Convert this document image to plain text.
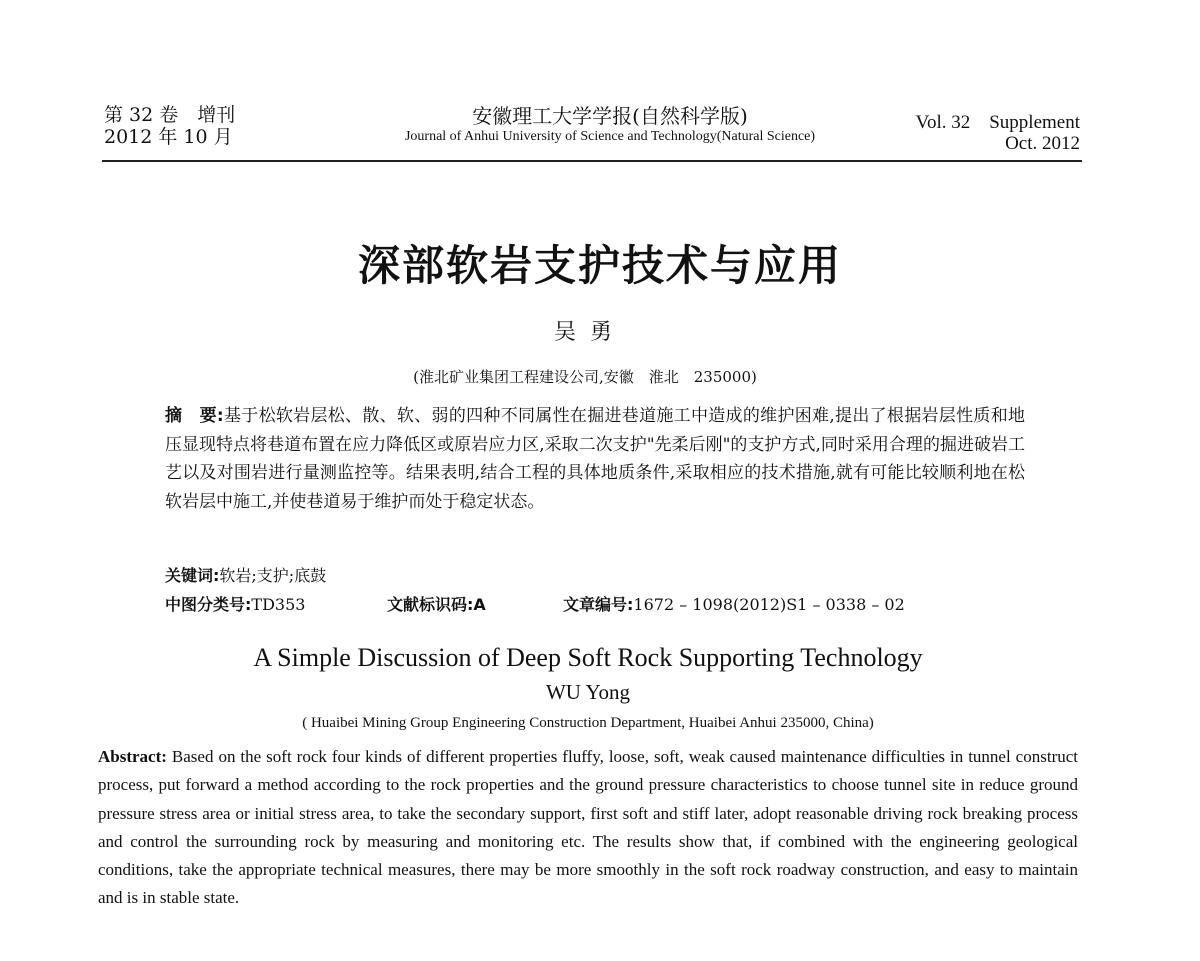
第 32 卷　增刊
2012 年 10 月
安徽理工大学学报(自然科学版)
Journal of Anhui University of Science and Technology(Natural Science)
Vol. 32　Supplement
Oct. 2012
深部软岩支护技术与应用
吴勇
(淮北矿业集团工程建设公司,安徽　淮北　235000)
摘　要:基于松软岩层松、散、软、弱的四种不同属性在掘进巷道施工中造成的维护困难,提出了根据岩层性质和地压显现特点将巷道布置在应力降低区或原岩应力区,采取二次支护"先柔后刚"的支护方式,同时采用合理的掘进破岩工艺以及对围岩进行量测监控等。结果表明,结合工程的具体地质条件,采取相应的技术措施,就有可能比较顺利地在松软岩层中施工,并使巷道易于维护而处于稳定状态。
关键词:软岩;支护;底鼓
中图分类号:TD353	文献标识码:A	文章编号:1672 – 1098(2012)S1 – 0338 – 02
A Simple Discussion of Deep Soft Rock Supporting Technology
WU Yong
( Huaibei Mining Group Engineering Construction Department, Huaibei Anhui 235000, China)
Abstract: Based on the soft rock four kinds of different properties fluffy, loose, soft, weak caused maintenance difficulties in tunnel construct process, put forward a method according to the rock properties and the ground pressure characteristics to choose tunnel site in reduce ground pressure stress area or initial stress area, to take the secondary support, first soft and stiff later, adopt reasonable driving rock breaking process and control the surrounding rock by measuring and monitoring etc. The results show that, if combined with the engineering geological conditions, take the appropriate technical measures, there may be more smoothly in the soft rock roadway construction, and easy to maintain and is in stable state.
